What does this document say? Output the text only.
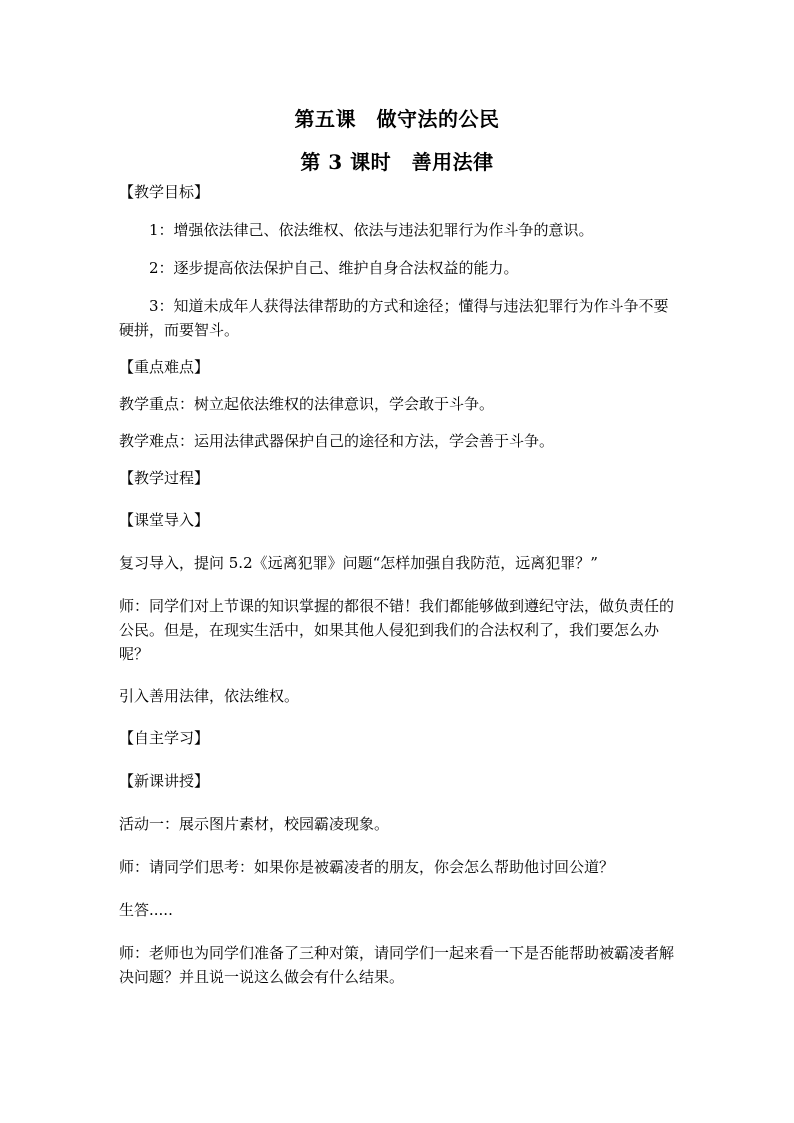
第五课　做守法的公民
第 3 课时　善用法律
【教学目标】
1：增强依法律己、依法维权、依法与违法犯罪行为作斗争的意识。
2：逐步提高依法保护自己、维护自身合法权益的能力。
3：知道未成年人获得法律帮助的方式和途径；懂得与违法犯罪行为作斗争不要硬拼，而要智斗。
【重点难点】
教学重点：树立起依法维权的法律意识，学会敢于斗争。
教学难点：运用法律武器保护自己的途径和方法，学会善于斗争。
【教学过程】
【课堂导入】
复习导入，提问 5.2《远离犯罪》问题“怎样加强自我防范，远离犯罪？”
师：同学们对上节课的知识掌握的都很不错！我们都能够做到遵纪守法，做负责任的公民。但是，在现实生活中，如果其他人侵犯到我们的合法权利了，我们要怎么办呢？
引入善用法律，依法维权。
【自主学习】
【新课讲授】
活动一：展示图片素材，校园霸凌现象。
师：请同学们思考：如果你是被霸凌者的朋友，你会怎么帮助他讨回公道？
生答.....
师：老师也为同学们准备了三种对策，请同学们一起来看一下是否能帮助被霸凌者解决问题？并且说一说这么做会有什么结果。
